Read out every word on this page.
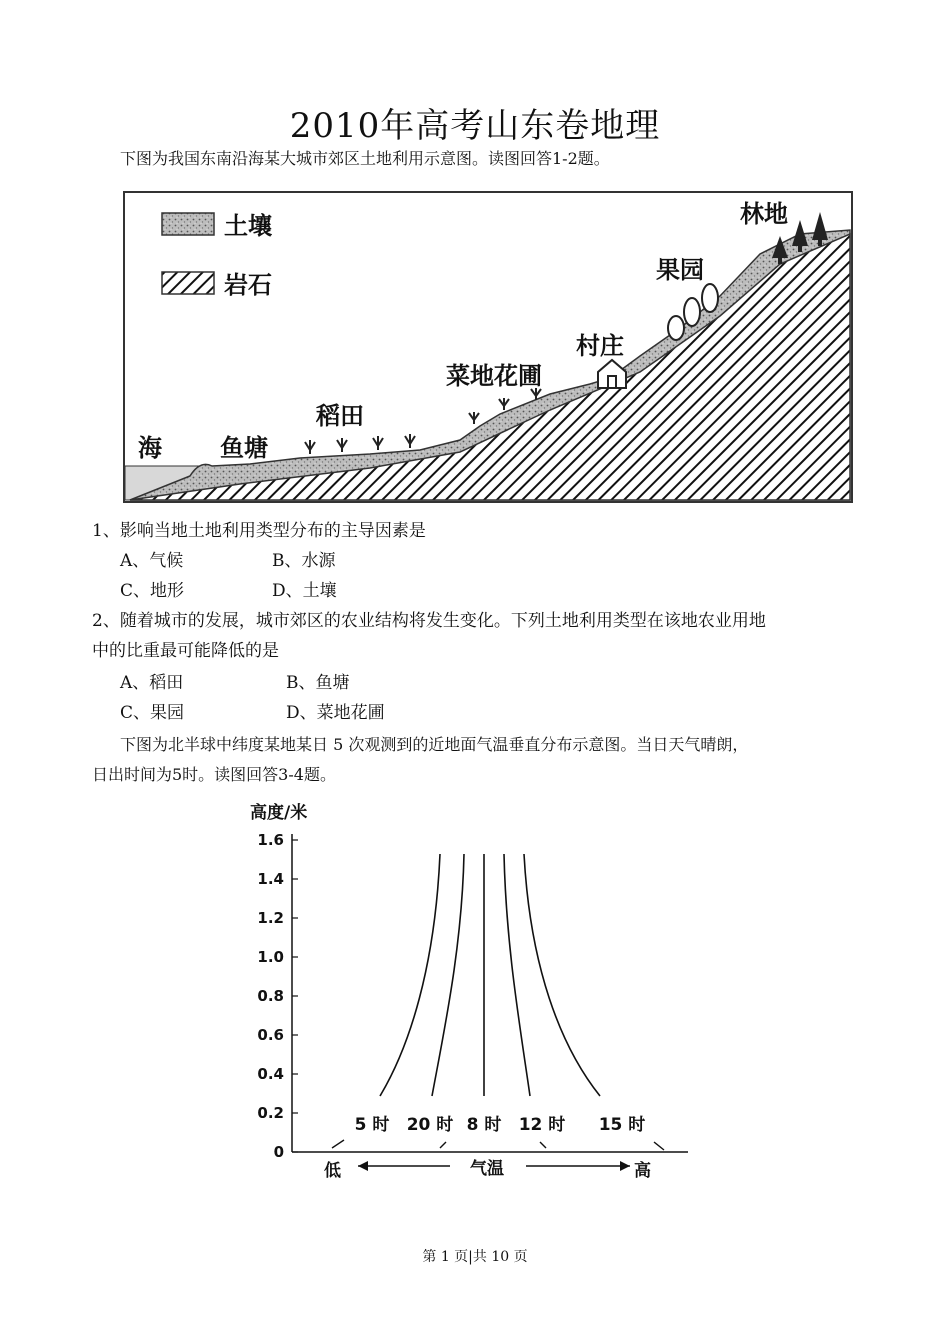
2010年高考山东卷地理
下图为我国东南沿海某大城市郊区土地利用示意图。读图回答1-2题。
土壤
岩石
海 鱼塘
稻田
菜地花圃
村庄
果园
林地
1、影响当地土地利用类型分布的主导因素是
A、气候	B、水源
C、地形	D、土壤
2、随着城市的发展，城市郊区的农业结构将发生变化。下列土地利用类型在该地农业用地
中的比重最可能降低的是
A、稻田	B、鱼塘
C、果园	D、菜地花圃
下图为北半球中纬度某地某日 5 次观测到的近地面气温垂直分布示意图。当日天气晴朗，
日出时间为5时。读图回答3-4题。
高度/米
0
0.2
0.4
0.6
0.8
1.0
1.2
1.4
1.6
5 时 20 时 8 时 12 时 15 时
低	气温	高
第 1 页|共 10 页
